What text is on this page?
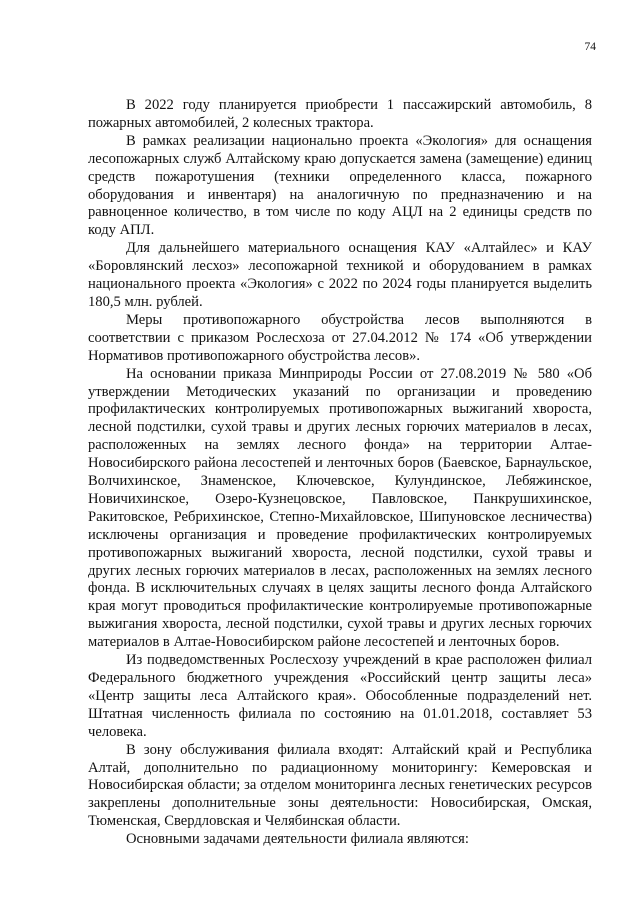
74

В 2022 году планируется приобрести 1 пассажирский автомобиль, 8 пожарных автомобилей, 2 колесных трактора.

В рамках реализации национально проекта «Экология» для оснащения лесопожарных служб Алтайскому краю допускается замена (замещение) единиц средств пожаротушения (техники определенного класса, пожарного оборудования и инвентаря) на аналогичную по предназначению и на равноценное количество, в том числе по коду АЦЛ на 2 единицы средств по коду АПЛ.

Для дальнейшего материального оснащения КАУ «Алтайлес» и КАУ «Боровлянский лесхоз» лесопожарной техникой и оборудованием в рамках национального проекта «Экология» с 2022 по 2024 годы планируется выделить 180,5 млн. рублей.

Меры противопожарного обустройства лесов выполняются в соответствии с приказом Рослесхоза от 27.04.2012 № 174 «Об утверждении Нормативов противопожарного обустройства лесов».

На основании приказа Минприроды России от 27.08.2019 № 580 «Об утверждении Методических указаний по организации и проведению профилактических контролируемых противопожарных выжиганий хвороста, лесной подстилки, сухой травы и других лесных горючих материалов в лесах, расположенных на землях лесного фонда» на территории Алтае-Новосибирского района лесостепей и ленточных боров (Баевское, Барнаульское, Волчихинское, Знаменское, Ключевское, Кулундинское, Лебяжинское, Новичихинское, Озеро-Кузнецовское, Павловское, Панкрушихинское, Ракитовское, Ребрихинское, Степно-Михайловское, Шипуновское лесничества) исключены организация и проведение профилактических контролируемых противопожарных выжиганий хвороста, лесной подстилки, сухой травы и других лесных горючих материалов в лесах, расположенных на землях лесного фонда. В исключительных случаях в целях защиты лесного фонда Алтайского края могут проводиться профилактические контролируемые противопожарные выжигания хвороста, лесной подстилки, сухой травы и других лесных горючих материалов в Алтае-Новосибирском районе лесостепей и ленточных боров.

Из подведомственных Рослесхозу учреждений в крае расположен филиал Федерального бюджетного учреждения «Российский центр защиты леса» «Центр защиты леса Алтайского края». Обособленные подразделений нет. Штатная численность филиала по состоянию на 01.01.2018, составляет 53 человека.

В зону обслуживания филиала входят: Алтайский край и Республика Алтай, дополнительно по радиационному мониторингу: Кемеровская и Новосибирская области; за отделом мониторинга лесных генетических ресурсов закреплены дополнительные зоны деятельности: Новосибирская, Омская, Тюменская, Свердловская и Челябинская области.

Основными задачами деятельности филиала являются:
